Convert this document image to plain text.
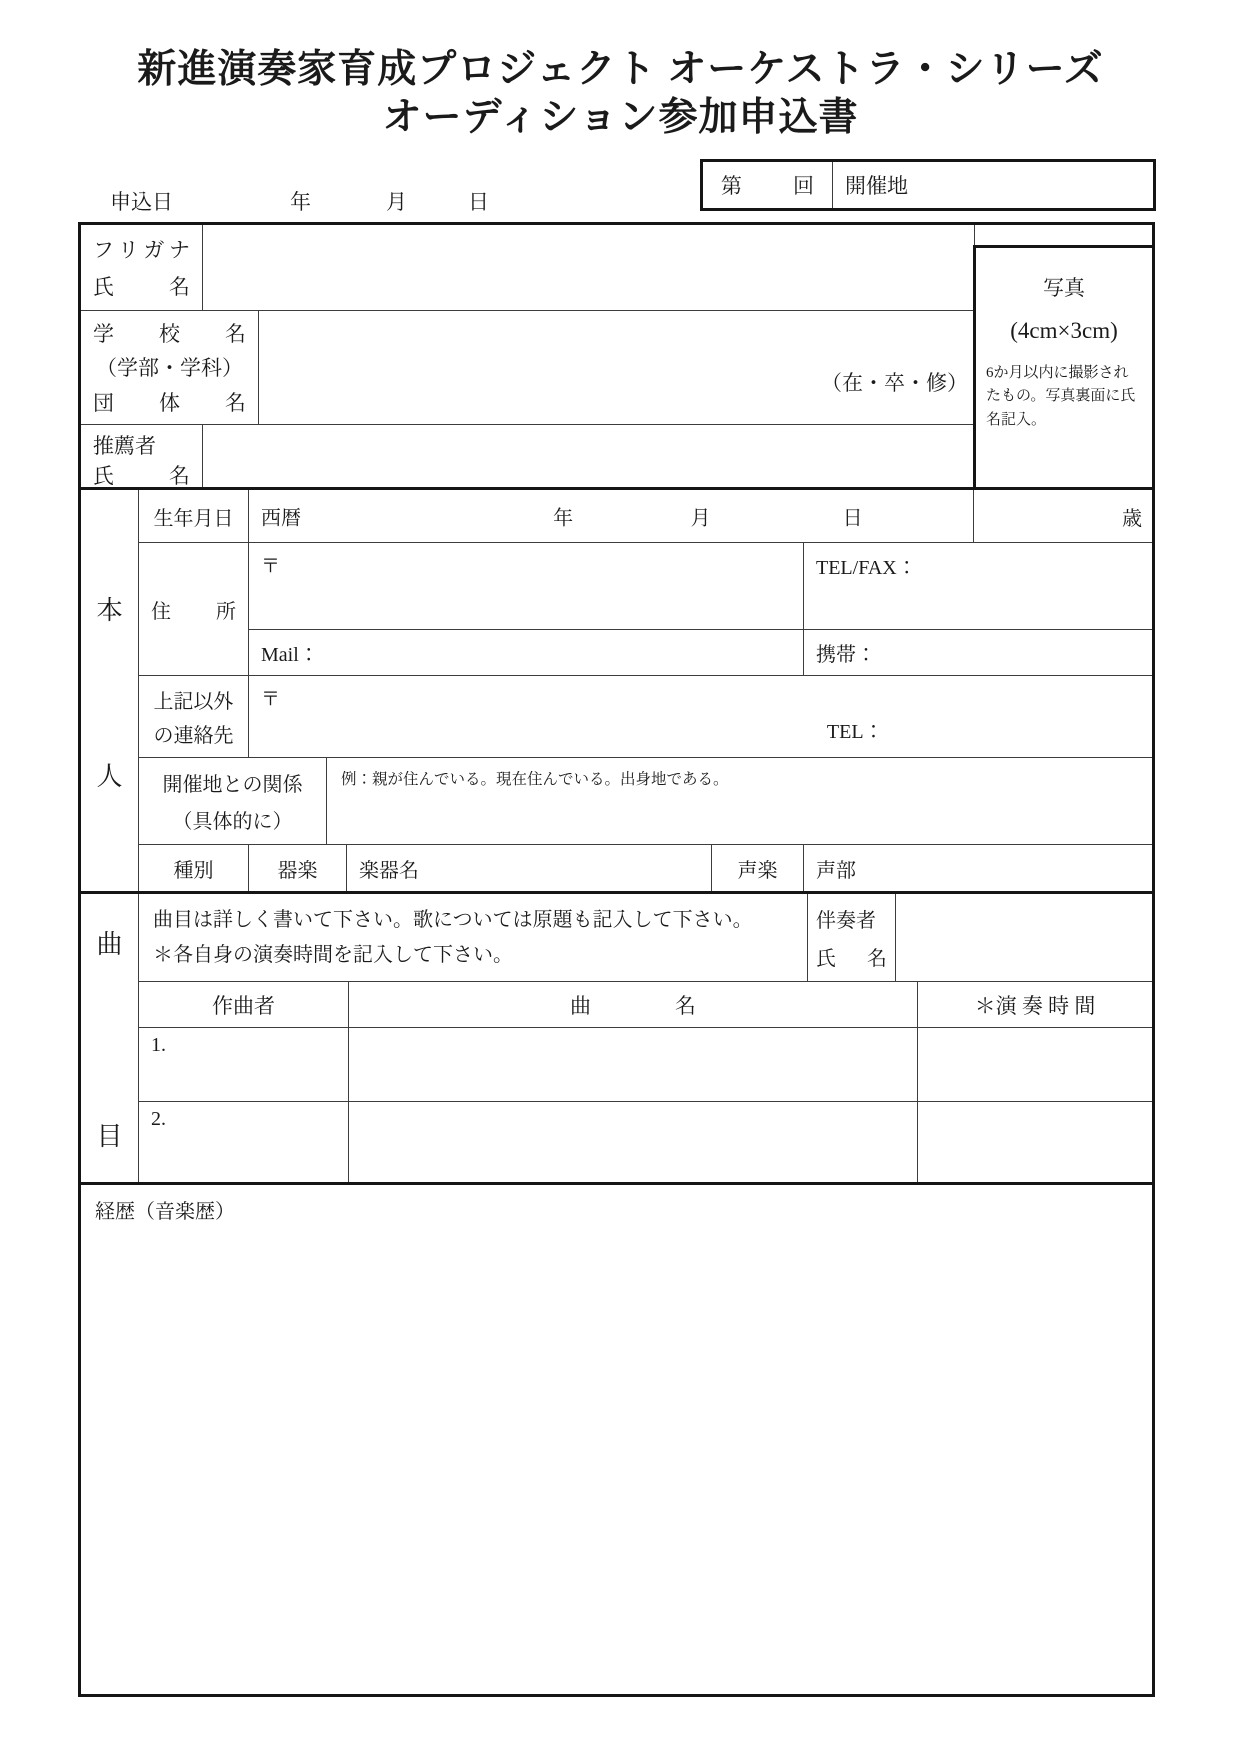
新進演奏家育成プロジェクト オーケストラ・シリーズ
オーディション参加申込書
第 回 開催地
申込日	年	月	日
フリガナ
氏　名
学　校　名
（学部・学科）
団　体　名
（在・卒・修）
推薦者
氏　名
写真
(4cm×3cm)
6か月以内に撮影されたもの。写真裏面に氏名記入。
本
人
生年月日	西暦	年	月	日	歳
住　所
〒	TEL/FAX：
Mail：	携帯：
上記以外
の連絡先
〒
TEL：
開催地との関係
（具体的に）
例：親が住んでいる。現在住んでいる。出身地である。
種別	器楽 楽器名	声楽 声部
曲
目
曲目は詳しく書いて下さい。歌については原題も記入して下さい。
＊各自身の演奏時間を記入して下さい。
伴奏者
氏　名
作曲者	曲　　　　名	＊演 奏 時 間
1.
2.
経歴（音楽歴）
